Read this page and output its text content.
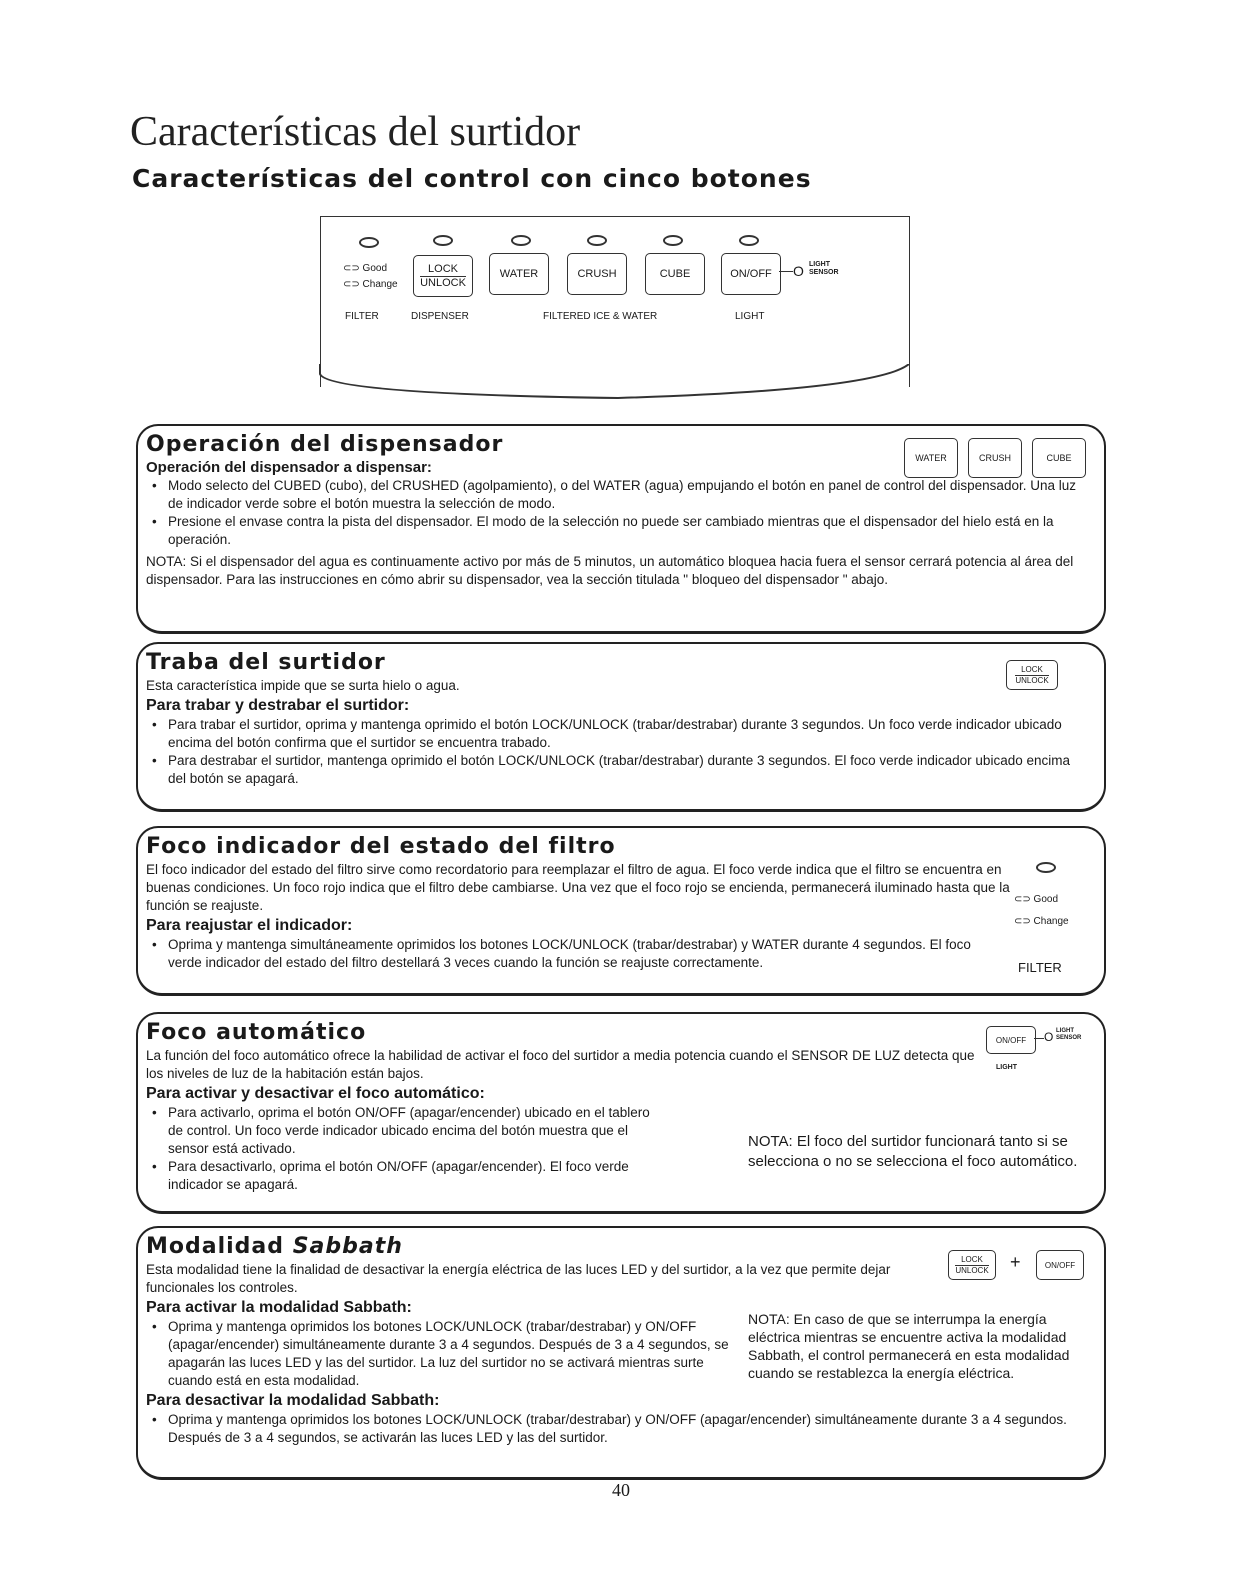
Características del surtidor
Características del control con cinco botones
⊂⊃ Good
⊂⊃ Change
LOCK
UNLOCK
WATER	CRUSH	CUBE	ON/OFF	O LIGHT SENSOR
FILTER	DISPENSER	FILTERED ICE & WATER	LIGHT
Operación del dispensador
Operación del dispensador a dispensar:
• Modo selecto del CUBED (cubo), del CRUSHED (agolpamiento), o del WATER (agua) empujando el botón en panel de control del dispensador. Una luz de indicador verde sobre el botón muestra la selección de modo.
• Presione el envase contra la pista del dispensador. El modo de la selección no puede ser cambiado mientras que el dispensador del hielo está en la operación.

NOTA: Si el dispensador del agua es continuamente activo por más de 5 minutos, un automático bloquea hacia fuera el sensor cerrará potencia al área del dispensador. Para las instrucciones en cómo abrir su dispensador, vea la sección titulada " bloqueo del dispensador " abajo.

WATER	CRUSH	CUBE
Traba del surtidor

Esta característica impide que se surta hielo o agua.

Para trabar y destrabar el surtidor:
• Para trabar el surtidor, oprima y mantenga oprimido el botón LOCK/UNLOCK (trabar/destrabar) durante 3 segundos. Un foco verde indicador ubicado encima del botón confirma que el surtidor se encuentra trabado.
• Para destrabar el surtidor, mantenga oprimido el botón LOCK/UNLOCK (trabar/destrabar) durante 3 segundos. El foco verde indicador ubicado encima del botón se apagará.
LOCK
UNLOCK
Foco indicador del estado del filtro

El foco indicador del estado del filtro sirve como recordatorio para reemplazar el filtro de agua. El foco verde indica que el filtro se encuentra en buenas condiciones. Un foco rojo indica que el filtro debe cambiarse. Una vez que el foco rojo se encienda, permanecerá iluminado hasta que la función se reajuste.

Para reajustar el indicador:
• Oprima y mantenga simultáneamente oprimidos los botones LOCK/UNLOCK (trabar/destrabar) y WATER durante 4 segundos. El foco verde indicador del estado del filtro destellará 3 veces cuando la función se reajuste correctamente.
⊂⊃ Good
⊂⊃ Change
FILTER
Foco automático

La función del foco automático ofrece la habilidad de activar el foco del surtidor a media potencia cuando el SENSOR DE LUZ detecta que los niveles de luz de la habitación están bajos.

Para activar y desactivar el foco automático:
• Para activarlo, oprima el botón ON/OFF (apagar/encender) ubicado en el tablero de control. Un foco verde indicador ubicado encima del botón muestra que el sensor está activado.
• Para desactivarlo, oprima el botón ON/OFF (apagar/encender). El foco verde indicador se apagará.
NOTA: El foco del surtidor funcionará tanto si se selecciona o no se selecciona el foco automático.
ON/OFF	O LIGHT SENSOR
LIGHT
Modalidad Sabbath

Esta modalidad tiene la finalidad de desactivar la energía eléctrica de las luces LED y del surtidor, a la vez que permite dejar funcionales los controles.

Para activar la modalidad Sabbath:
• Oprima y mantenga oprimidos los botones LOCK/UNLOCK (trabar/destrabar) y ON/OFF (apagar/encender) simultáneamente durante 3 a 4 segundos. Después de 3 a 4 segundos, se apagarán las luces LED y las del surtidor. La luz del surtidor no se activará mientras surte cuando está en esta modalidad.
Para desactivar la modalidad Sabbath:
• Oprima y mantenga oprimidos los botones LOCK/UNLOCK (trabar/destrabar) y ON/OFF (apagar/encender) simultáneamente durante 3 a 4 segundos. Después de 3 a 4 segundos, se activarán las luces LED y las del surtidor.
NOTA: En caso de que se interrumpa la energía eléctrica mientras se encuentre activa la modalidad Sabbath, el control permanecerá en esta modalidad cuando se restablezca la energía eléctrica.
LOCK
UNLOCK +	ON/OFF
40
